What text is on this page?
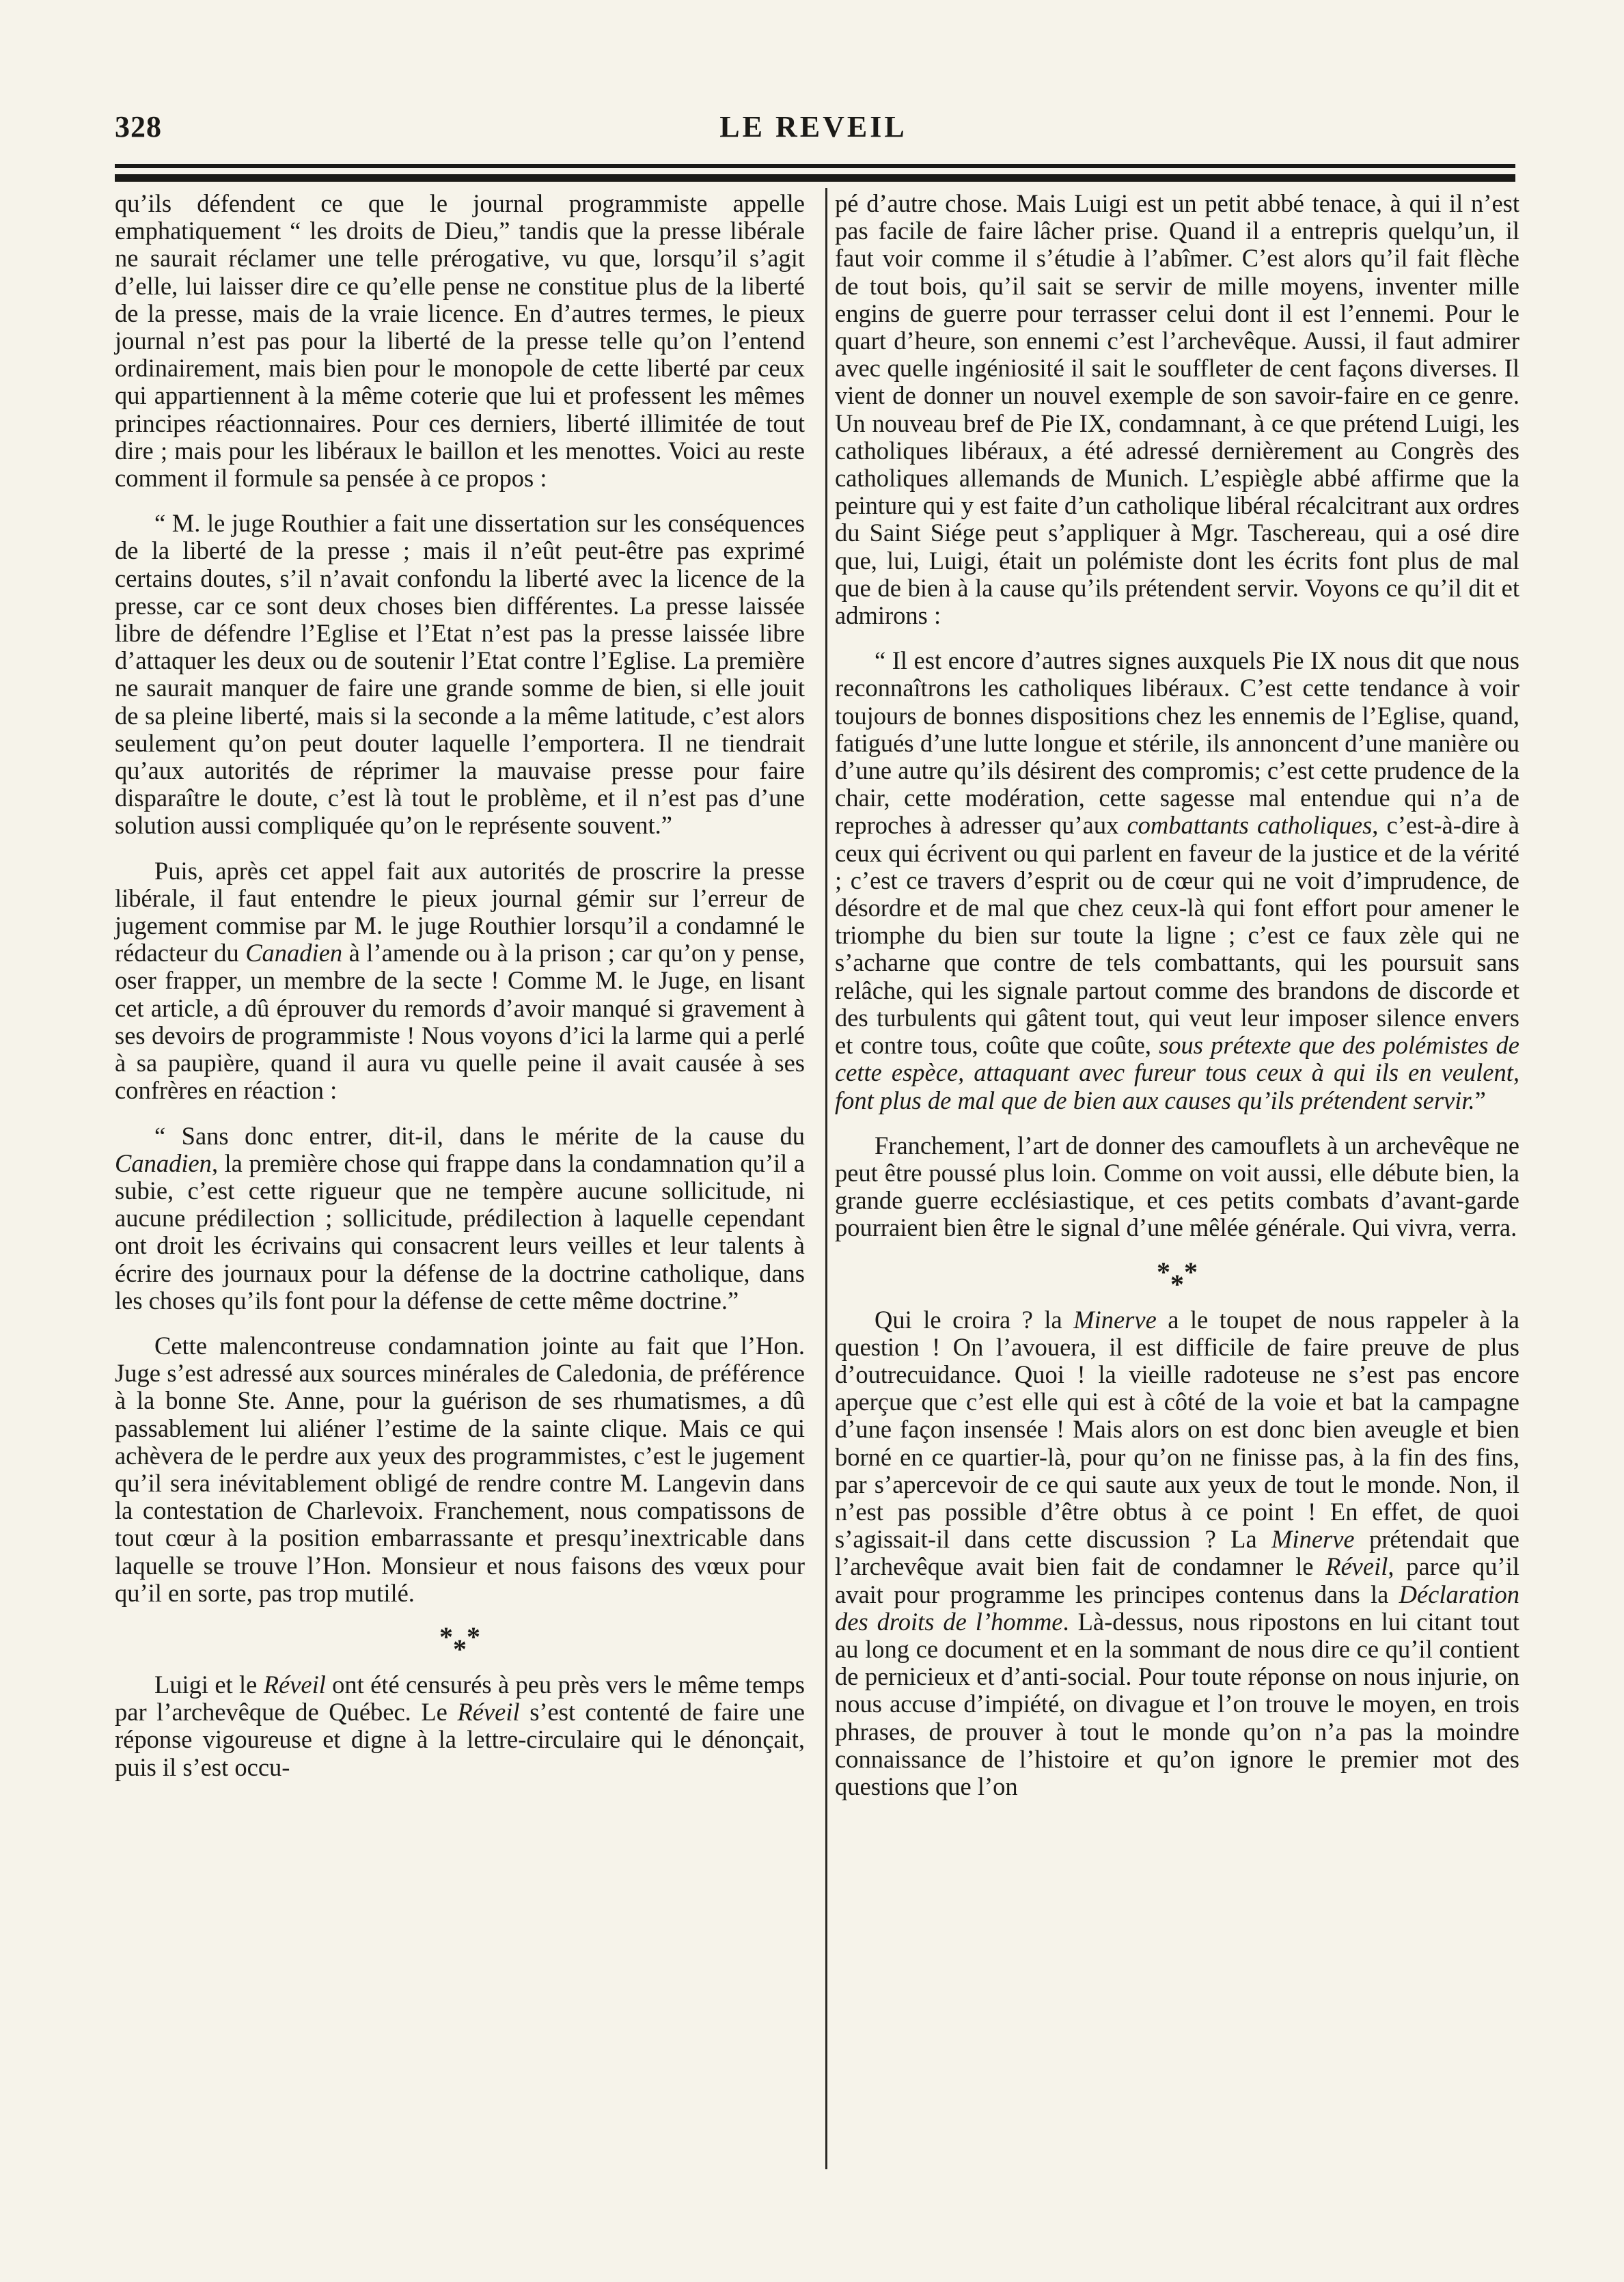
328	LE REVEIL

qu’ils défendent ce que le journal programmiste appelle emphatiquement “ les droits de Dieu,” tandis que la presse libérale ne saurait réclamer une telle prérogative, vu que, lorsqu’il s’agit d’elle, lui laisser dire ce qu’elle pense ne constitue plus de la liberté de la presse, mais de la vraie licence. En d’autres termes, le pieux journal n’est pas pour la liberté de la presse telle qu’on l’entend ordinairement, mais bien pour le monopole de cette liberté par ceux qui appartiennent à la même coterie que lui et professent les mêmes principes réactionnaires. Pour ces derniers, liberté illimitée de tout dire ; mais pour les libéraux le baillon et les menottes. Voici au reste comment il formule sa pensée à ce propos :

“ M. le juge Routhier a fait une dissertation sur les conséquences de la liberté de la presse ; mais il n’eût peut-être pas exprimé certains doutes, s’il n’avait confondu la liberté avec la licence de la presse, car ce sont deux choses bien différentes. La presse laissée libre de défendre l’Eglise et l’Etat n’est pas la presse laissée libre d’attaquer les deux ou de soutenir l’Etat contre l’Eglise. La première ne saurait manquer de faire une grande somme de bien, si elle jouit de sa pleine liberté, mais si la seconde a la même latitude, c’est alors seulement qu’on peut douter laquelle l’emportera. Il ne tiendrait qu’aux autorités de réprimer la mauvaise presse pour faire disparaître le doute, c’est là tout le problème, et il n’est pas d’une solution aussi compliquée qu’on le représente souvent.”

Puis, après cet appel fait aux autorités de proscrire la presse libérale, il faut entendre le pieux journal gémir sur l’erreur de jugement commise par M. le juge Routhier lorsqu’il a condamné le rédacteur du Canadien à l’amende ou à la prison ; car qu’on y pense, oser frapper, un membre de la secte ! Comme M. le Juge, en lisant cet article, a dû éprouver du remords d’avoir manqué si gravement à ses devoirs de programmiste ! Nous voyons d’ici la larme qui a perlé à sa paupière, quand il aura vu quelle peine il avait causée à ses confrères en réaction :

“ Sans donc entrer, dit-il, dans le mérite de la cause du Canadien, la première chose qui frappe dans la condamnation qu’il a subie, c’est cette rigueur que ne tempère aucune sollicitude, ni aucune prédilection ; sollicitude, prédilection à laquelle cependant ont droit les écrivains qui consacrent leurs veilles et leur talents à écrire des journaux pour la défense de la doctrine catholique, dans les choses qu’ils font pour la défense de cette même doctrine.”

Cette malencontreuse condamnation jointe au fait que l’Hon. Juge s’est adressé aux sources minérales de Caledonia, de préférence à la bonne Ste. Anne, pour la guérison de ses rhumatismes, a dû passablement lui aliéner l’estime de la sainte clique. Mais ce qui achèvera de le perdre aux yeux des programmistes, c’est le jugement qu’il sera inévitablement obligé de rendre contre M. Langevin dans la contestation de Charlevoix. Franchement, nous compatissons de tout cœur à la position embarrassante et presqu’inextricable dans laquelle se trouve l’Hon. Monsieur et nous faisons des vœux pour qu’il en sorte, pas trop mutilé.

***

Luigi et le Réveil ont été censurés à peu près vers le même temps par l’archevêque de Québec. Le Réveil s’est contenté de faire une réponse vigoureuse et digne à la lettre-circulaire qui le dénonçait, puis il s’est occu-

pé d’autre chose. Mais Luigi est un petit abbé tenace, à qui il n’est pas facile de faire lâcher prise. Quand il a entrepris quelqu’un, il faut voir comme il s’étudie à l’abîmer. C’est alors qu’il fait flèche de tout bois, qu’il sait se servir de mille moyens, inventer mille engins de guerre pour terrasser celui dont il est l’ennemi. Pour le quart d’heure, son ennemi c’est l’archevêque. Aussi, il faut admirer avec quelle ingéniosité il sait le souffleter de cent façons diverses. Il vient de donner un nouvel exemple de son savoir-faire en ce genre. Un nouveau bref de Pie IX, condamnant, à ce que prétend Luigi, les catholiques libéraux, a été adressé dernièrement au Congrès des catholiques allemands de Munich. L’espiègle abbé affirme que la peinture qui y est faite d’un catholique libéral récalcitrant aux ordres du Saint Siége peut s’appliquer à Mgr. Taschereau, qui a osé dire que, lui, Luigi, était un polémiste dont les écrits font plus de mal que de bien à la cause qu’ils prétendent servir. Voyons ce qu’il dit et admirons :

“ Il est encore d’autres signes auxquels Pie IX nous dit que nous reconnaîtrons les catholiques libéraux. C’est cette tendance à voir toujours de bonnes dispositions chez les ennemis de l’Eglise, quand, fatigués d’une lutte longue et stérile, ils annoncent d’une manière ou d’une autre qu’ils désirent des compromis; c’est cette prudence de la chair, cette modération, cette sagesse mal entendue qui n’a de reproches à adresser qu’aux combattants catholiques, c’est-à-dire à ceux qui écrivent ou qui parlent en faveur de la justice et de la vérité ; c’est ce travers d’esprit ou de cœur qui ne voit d’imprudence, de désordre et de mal que chez ceux-là qui font effort pour amener le triomphe du bien sur toute la ligne ; c’est ce faux zèle qui ne s’acharne que contre de tels combattants, qui les poursuit sans relâche, qui les signale partout comme des brandons de discorde et des turbulents qui gâtent tout, qui veut leur imposer silence envers et contre tous, coûte que coûte, sous prétexte que des polémistes de cette espèce, attaquant avec fureur tous ceux à qui ils en veulent, font plus de mal que de bien aux causes qu’ils prétendent servir.”

Franchement, l’art de donner des camouflets à un archevêque ne peut être poussé plus loin. Comme on voit aussi, elle débute bien, la grande guerre ecclésiastique, et ces petits combats d’avant-garde pourraient bien être le signal d’une mêlée générale. Qui vivra, verra.

***

Qui le croira ? la Minerve a le toupet de nous rappeler à la question ! On l’avouera, il est difficile de faire preuve de plus d’outrecuidance. Quoi ! la vieille radoteuse ne s’est pas encore aperçue que c’est elle qui est à côté de la voie et bat la campagne d’une façon insensée ! Mais alors on est donc bien aveugle et bien borné en ce quartier-là, pour qu’on ne finisse pas, à la fin des fins, par s’apercevoir de ce qui saute aux yeux de tout le monde. Non, il n’est pas possible d’être obtus à ce point ! En effet, de quoi s’agissait-il dans cette discussion ? La Minerve prétendait que l’archevêque avait bien fait de condamner le Réveil, parce qu’il avait pour programme les principes contenus dans la Déclaration des droits de l’homme. Là-dessus, nous ripostons en lui citant tout au long ce document et en la sommant de nous dire ce qu’il contient de pernicieux et d’anti-social. Pour toute réponse on nous injurie, on nous accuse d’impiété, on divague et l’on trouve le moyen, en trois phrases, de prouver à tout le monde qu’on n’a pas la moindre connaissance de l’histoire et qu’on ignore le premier mot des questions que l’on
